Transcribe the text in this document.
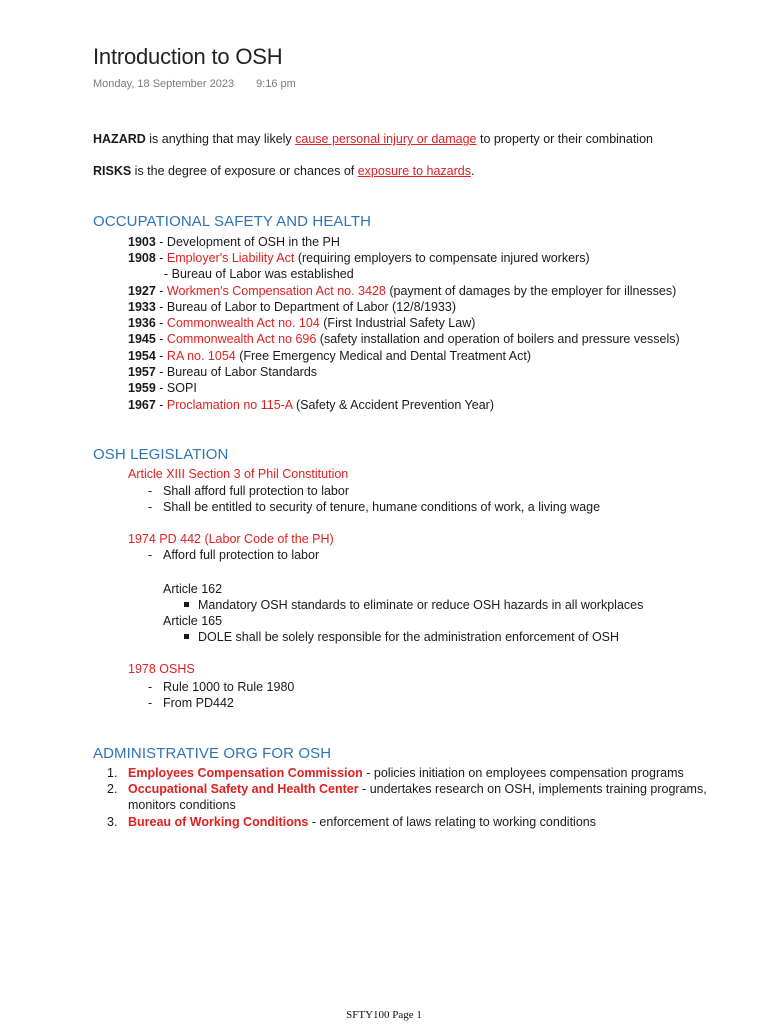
Introduction to OSH
Monday, 18 September 2023 9:16 pm
HAZARD is anything that may likely cause personal injury or damage to property or their combination
RISKS is the degree of exposure or chances of exposure to hazards.
OCCUPATIONAL SAFETY AND HEALTH
1903 - Development of OSH in the PH
1908 - Employer's Liability Act (requiring employers to compensate injured workers)
- Bureau of Labor was established
1927 - Workmen's Compensation Act no. 3428 (payment of damages by the employer for illnesses)
1933 - Bureau of Labor to Department of Labor (12/8/1933)
1936 - Commonwealth Act no. 104 (First Industrial Safety Law)
1945 - Commonwealth Act no 696 (safety installation and operation of boilers and pressure vessels)
1954 - RA no. 1054 (Free Emergency Medical and Dental Treatment Act)
1957 - Bureau of Labor Standards
1959 - SOPI
1967 - Proclamation no 115-A (Safety & Accident Prevention Year)
OSH LEGISLATION
Article XIII Section 3 of Phil Constitution
- Shall afford full protection to labor
- Shall be entitled to security of tenure, humane conditions of work, a living wage
1974 PD 442 (Labor Code of the PH)
- Afford full protection to labor
Article 162
Mandatory OSH standards to eliminate or reduce OSH hazards in all workplaces
Article 165
DOLE shall be solely responsible for the administration enforcement of OSH
1978 OSHS
- Rule 1000 to Rule 1980
- From PD442
ADMINISTRATIVE ORG FOR OSH
1. Employees Compensation Commission - policies initiation on employees compensation programs
2. Occupational Safety and Health Center - undertakes research on OSH, implements training programs,
monitors conditions
3. Bureau of Working Conditions - enforcement of laws relating to working conditions
SFTY100 Page 1
